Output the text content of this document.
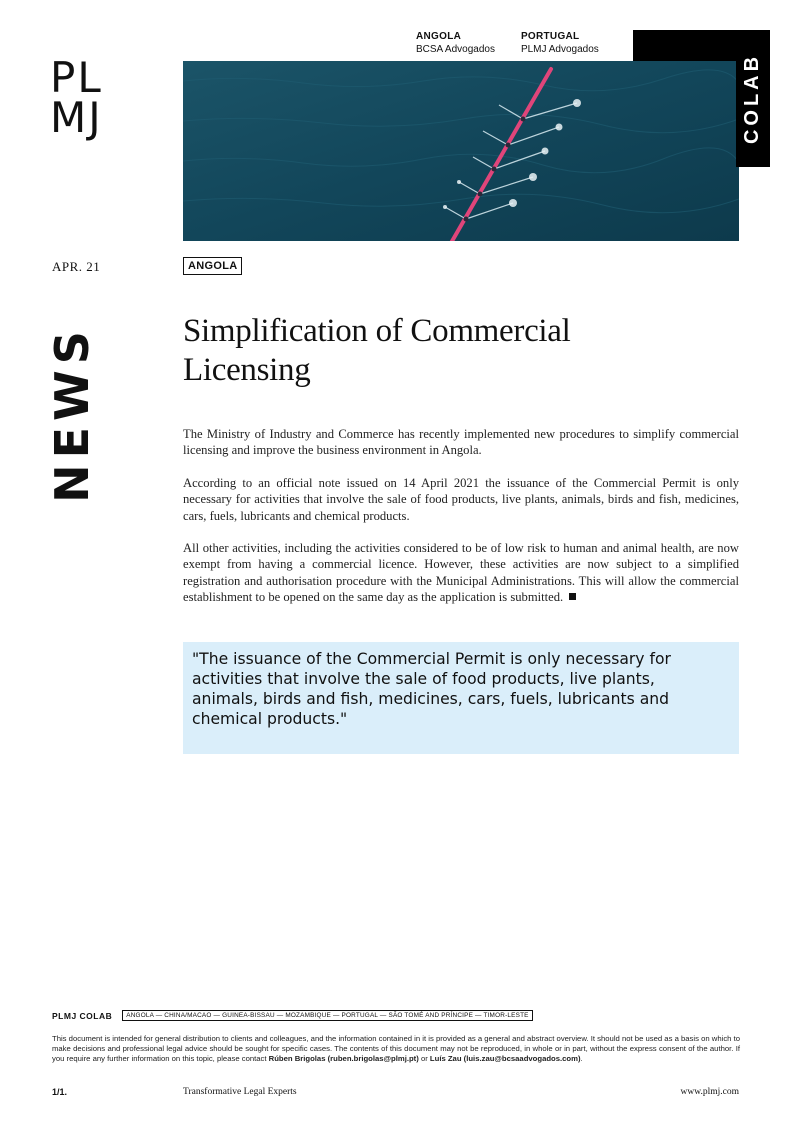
PL
MJ
ANGOLA
BCSA Advogados
PORTUGAL
PLMJ Advogados
COLAB
APR. 21	ANGOLA
NEWS	Simplification of Commercial Licensing

The Ministry of Industry and Commerce has recently implemented new procedures to simplify commercial licensing and improve the business environment in Angola.

According to an official note issued on 14 April 2021 the issuance of the Commercial Permit is only necessary for activities that involve the sale of food products, live plants, animals, birds and fish, medicines, cars, fuels, lubricants and chemical products.

All other activities, including the activities considered to be of low risk to human and animal health, are now exempt from having a commercial licence. However, these activities are now subject to a simplified registration and authorisation procedure with the Municipal Administrations. This will allow the commercial establishment to be opened on the same day as the application is submitted.

"The issuance of the Commercial Permit is only necessary for activities that involve the sale of food products, live plants, animals, birds and fish, medicines, cars, fuels, lubricants and chemical products."
PLMJ COLAB	ANGOLA — CHINA/MACAO — GUINEA-BISSAU — MOZAMBIQUE — PORTUGAL — SÃO TOMÉ AND PRÍNCIPE — TIMOR-LESTE
This document is intended for general distribution to clients and colleagues, and the information contained in it is provided as a general and abstract overview. It should not be used as a basis on which to make decisions and professional legal advice should be sought for specific cases. The contents of this document may not be reproduced, in whole or in part, without the express consent of the author. If you require any further information on this topic, please contact Rúben Brigolas (ruben.brigolas@plmj.pt) or Luís Zau (luis.zau@bcsaadvogados.com).
1/1.	Transformative Legal Experts	www.plmj.com
